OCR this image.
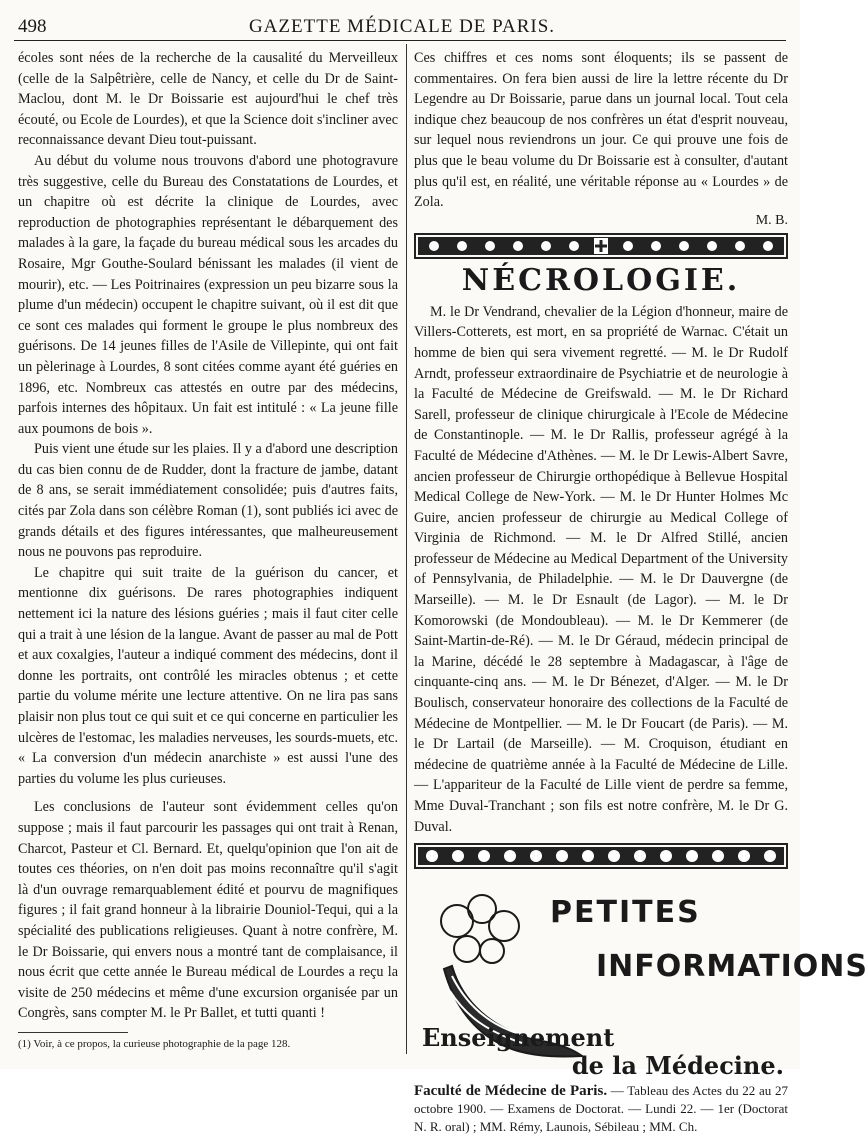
498	GAZETTE MÉDICALE DE PARIS.

écoles sont nées de la recherche de la causalité du Merveilleux (celle de la Salpêtrière, celle de Nancy, et celle du Dr de Saint-Maclou, dont M. le Dr Boissarie est aujourd'hui le chef très écouté, ou Ecole de Lourdes), et que la Science doit s'incliner avec reconnaissance devant Dieu tout-puissant.

Au début du volume nous trouvons d'abord une photogravure très suggestive, celle du Bureau des Constatations de Lourdes, et un chapitre où est décrite la clinique de Lourdes, avec reproduction de photographies représentant le débarquement des malades à la gare, la façade du bureau médical sous les arcades du Rosaire, Mgr Gouthe-Soulard bénissant les malades (il vient de mourir), etc. — Les Poitrinaires (expression un peu bizarre sous la plume d'un médecin) occupent le chapitre suivant, où il est dit que ce sont ces malades qui forment le groupe le plus nombreux des guérisons. De 14 jeunes filles de l'Asile de Villepinte, qui ont fait un pèlerinage à Lourdes, 8 sont citées comme ayant été guéries en 1896, etc. Nombreux cas attestés en outre par des médecins, parfois internes des hôpitaux. Un fait est intitulé : « La jeune fille aux poumons de bois ».

Puis vient une étude sur les plaies. Il y a d'abord une description du cas bien connu de de Rudder, dont la fracture de jambe, datant de 8 ans, se serait immédiatement consolidée; puis d'autres faits, cités par Zola dans son célèbre Roman (1), sont publiés ici avec de grands détails et des figures intéressantes, que malheureusement nous ne pouvons pas reproduire.

Le chapitre qui suit traite de la guérison du cancer, et mentionne dix guérisons. De rares photographies indiquent nettement ici la nature des lésions guéries ; mais il faut citer celle qui a trait à une lésion de la langue. Avant de passer au mal de Pott et aux coxalgies, l'auteur a indiqué comment des médecins, dont il donne les portraits, ont contrôlé les miracles obtenus ; et cette partie du volume mérite une lecture attentive. On ne lira pas sans plaisir non plus tout ce qui suit et ce qui concerne en particulier les ulcères de l'estomac, les maladies nerveuses, les sourds-muets, etc. « La conversion d'un médecin anarchiste » est aussi l'une des parties du volume les plus curieuses.

Les conclusions de l'auteur sont évidemment celles qu'on suppose ; mais il faut parcourir les passages qui ont trait à Renan, Charcot, Pasteur et Cl. Bernard. Et, quelqu'opinion que l'on ait de toutes ces théories, on n'en doit pas moins reconnaître qu'il s'agit là d'un ouvrage remarquablement édité et pourvu de magnifiques figures ; il fait grand honneur à la librairie Douniol-Tequi, qui a la spécialité des publications religieuses. Quant à notre confrère, M. le Dr Boissarie, qui envers nous a montré tant de complaisance, il nous écrit que cette année le Bureau médical de Lourdes a reçu la visite de 250 médecins et même d'une excursion organisée par un Congrès, sans compter M. le Pr Ballet, et tutti quanti !

(1) Voir, à ce propos, la curieuse photographie de la page 128.

Ces chiffres et ces noms sont éloquents; ils se passent de commentaires. On fera bien aussi de lire la lettre récente du Dr Legendre au Dr Boissarie, parue dans un journal local. Tout cela indique chez beaucoup de nos confrères un état d'esprit nouveau, sur lequel nous reviendrons un jour. Ce qui prouve une fois de plus que le beau volume du Dr Boissarie est à consulter, d'autant plus qu'il est, en réalité, une véritable réponse au « Lourdes » de Zola.

M. B.
NÉCROLOGIE.

M. le Dr Vendrand, chevalier de la Légion d'honneur, maire de Villers-Cotterets, est mort, en sa propriété de Warnac. C'était un homme de bien qui sera vivement regretté. — M. le Dr Rudolf Arndt, professeur extraordinaire de Psychiatrie et de neurologie à la Faculté de Médecine de Greifswald. — M. le Dr Richard Sarell, professeur de clinique chirurgicale à l'Ecole de Médecine de Constantinople. — M. le Dr Rallis, professeur agrégé à la Faculté de Médecine d'Athènes. — M. le Dr Lewis-Albert Savre, ancien professeur de Chirurgie orthopédique à Bellevue Hospital Medical College de New-York. — M. le Dr Hunter Holmes Mc Guire, ancien professeur de chirurgie au Medical College of Virginia de Richmond. — M. le Dr Alfred Stillé, ancien professeur de Médecine au Medical Department of the University of Pennsylvania, de Philadelphie. — M. le Dr Dauvergne (de Marseille). — M. le Dr Esnault (de Lagor). — M. le Dr Komorowski (de Mondoubleau). — M. le Dr Kemmerer (de Saint-Martin-de-Ré). — M. le Dr Géraud, médecin principal de la Marine, décédé le 28 septembre à Madagascar, à l'âge de cinquante-cinq ans. — M. le Dr Bénezet, d'Alger. — M. le Dr Boulisch, conservateur honoraire des collections de la Faculté de Médecine de Montpellier. — M. le Dr Foucart (de Paris). — M. le Dr Lartail (de Marseille). — M. Croquison, étudiant en médecine de quatrième année à la Faculté de Médecine de Lille. — L'appariteur de la Faculté de Lille vient de perdre sa femme, Mme Duval-Tranchant ; son fils est notre confrère, M. le Dr G. Duval.

PETITES
INFORMATIONS
Enseignement
de la Médecine.
Faculté de Médecine de Paris. — Tableau des Actes du 22 au 27 octobre 1900. — Examens de Doctorat. — Lundi 22. — 1er (Doctorat N. R. oral) ; MM. Rémy, Launois, Sébileau ; MM. Ch.
